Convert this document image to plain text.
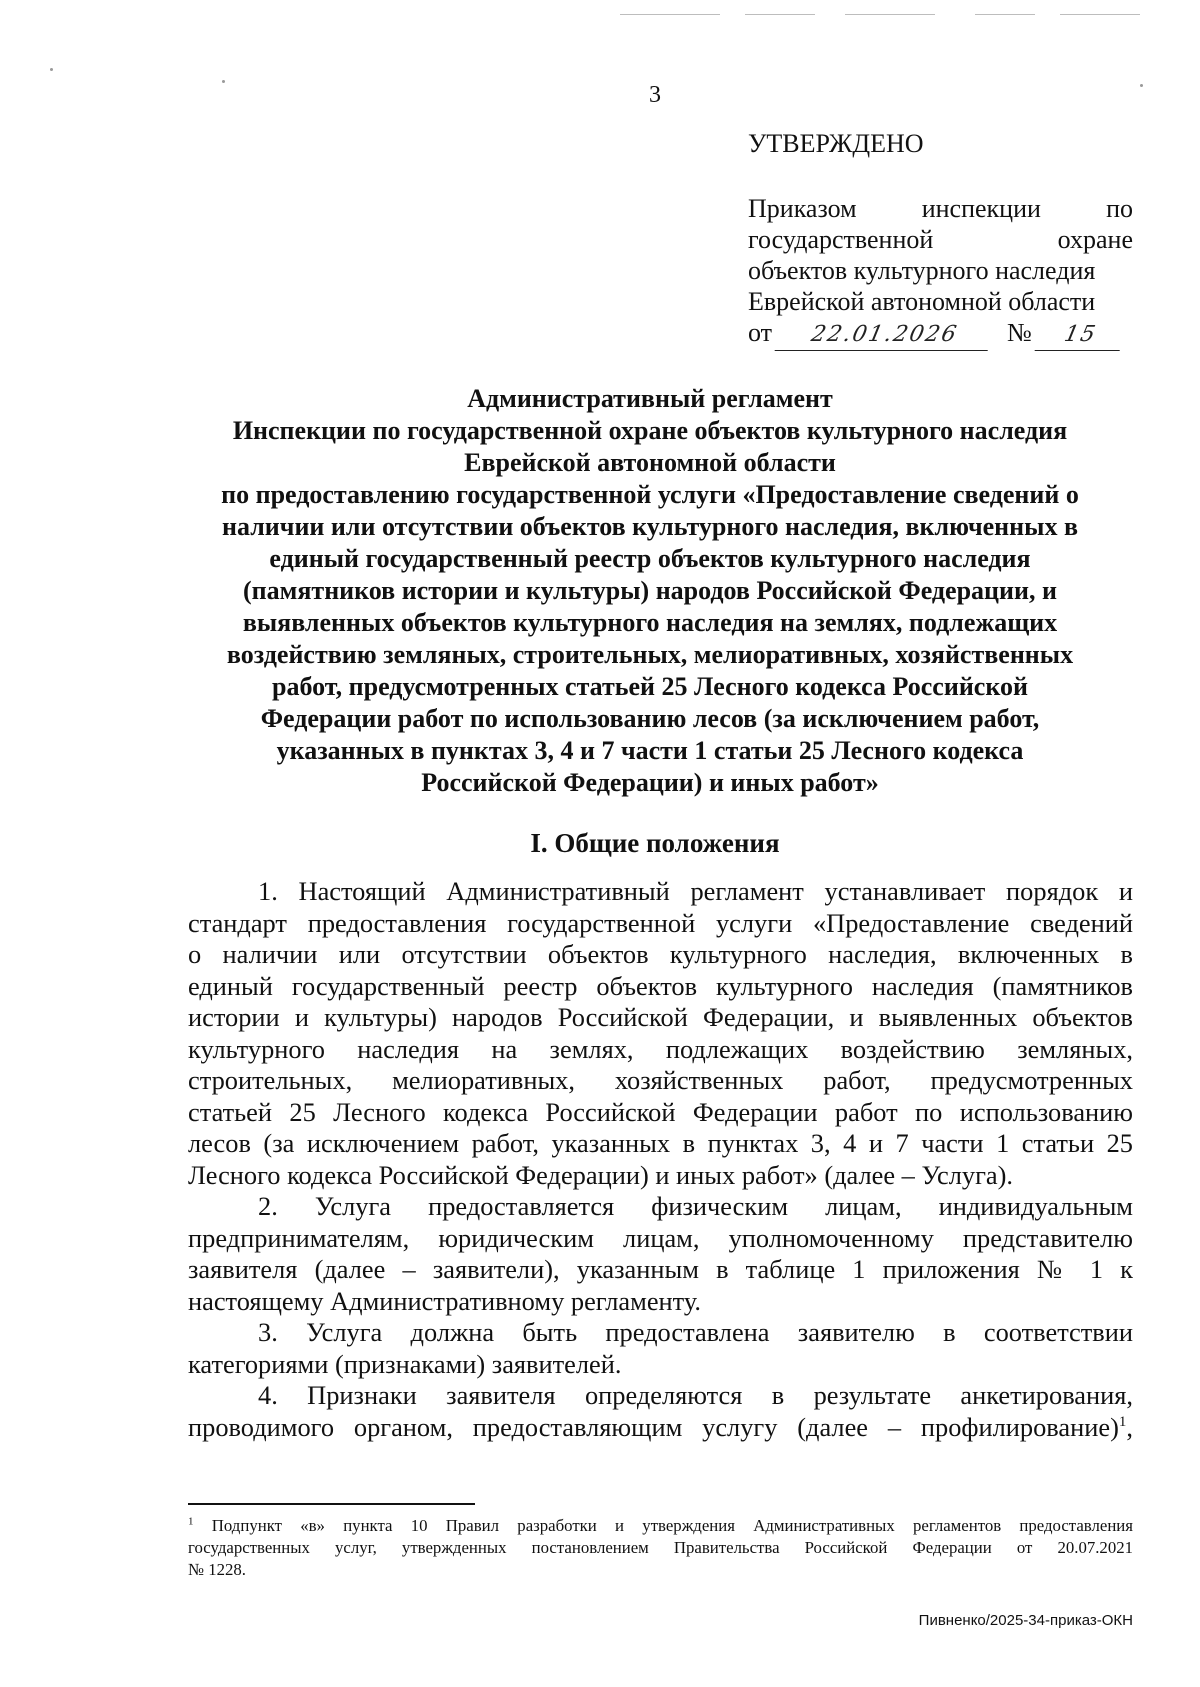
3
УТВЕРЖДЕНО
Приказом инспекции по
государственной охране
объектов культурного наследия
Еврейской автономной области
от	22.01.2026	№	15
Административный регламент
Инспекции по государственной охране объектов культурного наследия
Еврейской автономной области
по предоставлению государственной услуги «Предоставление сведений о
наличии или отсутствии объектов культурного наследия, включенных в
единый государственный реестр объектов культурного наследия
(памятников истории и культуры) народов Российской Федерации, и
выявленных объектов культурного наследия на землях, подлежащих
воздействию земляных, строительных, мелиоративных, хозяйственных
работ, предусмотренных статьей 25 Лесного кодекса Российской
Федерации работ по использованию лесов (за исключением работ,
указанных в пунктах 3, 4 и 7 части 1 статьи 25 Лесного кодекса
Российской Федерации) и иных работ»
I. Общие положения
1. Настоящий Административный регламент устанавливает порядок и
стандарт предоставления государственной услуги «Предоставление сведений
о наличии или отсутствии объектов культурного наследия, включенных в
единый государственный реестр объектов культурного наследия (памятников
истории и культуры) народов Российской Федерации, и выявленных объектов
культурного наследия на землях, подлежащих воздействию земляных,
строительных, мелиоративных, хозяйственных работ, предусмотренных
статьей 25 Лесного кодекса Российской Федерации работ по использованию
лесов (за исключением работ, указанных в пунктах 3, 4 и 7 части 1 статьи 25
Лесного кодекса Российской Федерации) и иных работ» (далее – Услуга).
2. Услуга предоставляется физическим лицам, индивидуальным
предпринимателям, юридическим лицам, уполномоченному представителю
заявителя (далее – заявители), указанным в таблице 1 приложения № 1 к
настоящему Административному регламенту.
3. Услуга должна быть предоставлена заявителю в соответствии
категориями (признаками) заявителей.
4. Признаки заявителя определяются в результате анкетирования,
проводимого органом, предоставляющим услугу (далее – профилирование)$^1$,
$^1$ Подпункт «в» пункта 10 Правил разработки и утверждения Административных регламентов предоставления
государственных услуг, утвержденных постановлением Правительства Российской Федерации от 20.07.2021
№ 1228.
Пивненко/2025-34-приказ-ОКН
